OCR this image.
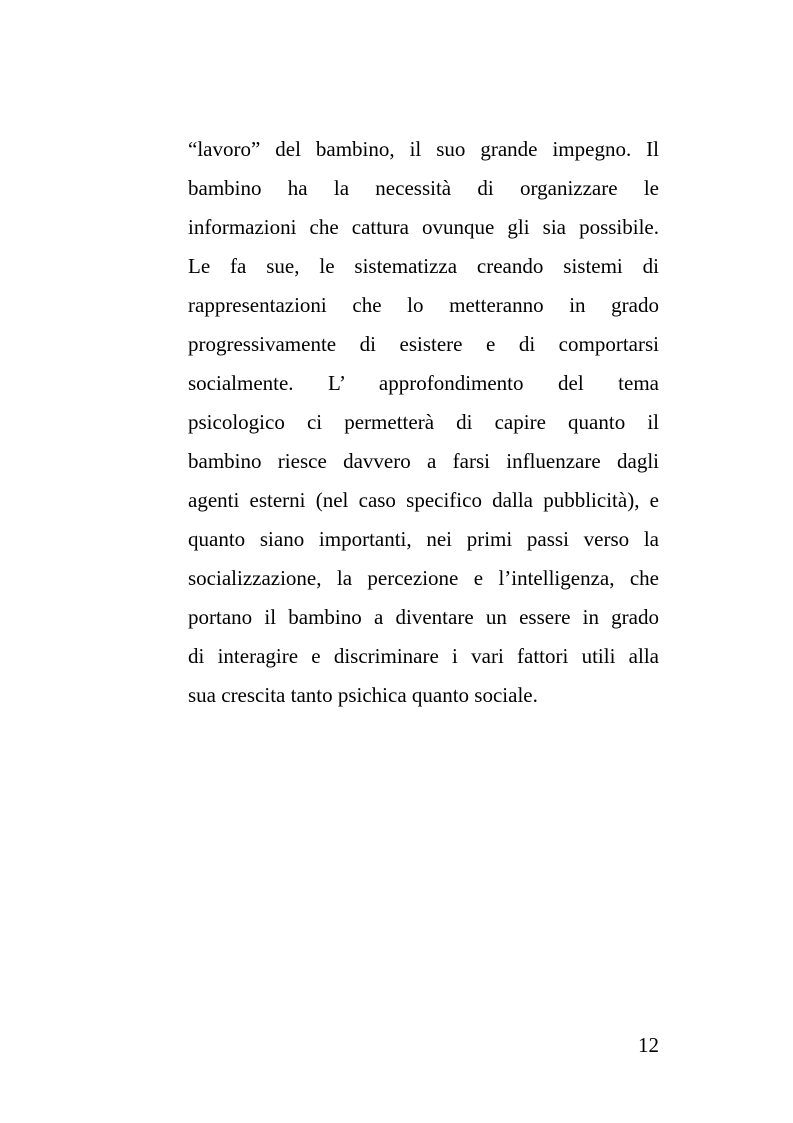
“lavoro” del bambino, il suo grande impegno. Il
bambino ha la necessità di organizzare le
informazioni che cattura ovunque gli sia possibile.
Le fa sue, le sistematizza creando sistemi di
rappresentazioni che lo metteranno in grado
progressivamente di esistere e di comportarsi
socialmente. L’ approfondimento del tema
psicologico ci permetterà di capire quanto il
bambino riesce davvero a farsi influenzare dagli
agenti esterni (nel caso specifico dalla pubblicità), e
quanto siano importanti, nei primi passi verso la
socializzazione, la percezione e l’intelligenza, che
portano il bambino a diventare un essere in grado
di interagire e discriminare i vari fattori utili alla
sua crescita tanto psichica quanto sociale.
12
